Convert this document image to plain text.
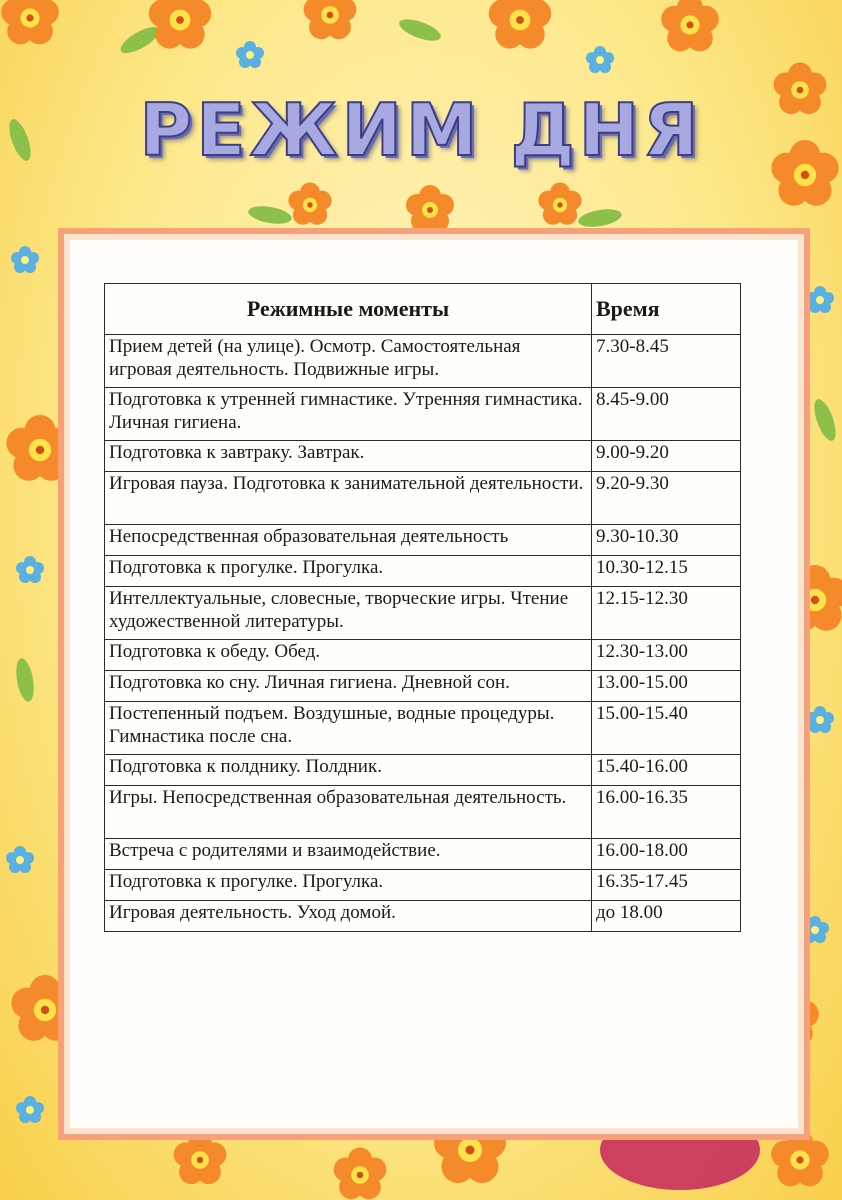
РЕЖИМ ДНЯ
Режимные моменты	Время
Прием детей (на улице). Осмотр. Самостоятельная игровая деятельность. Подвижные игры.	7.30-8.45
Подготовка к утренней гимнастике. Утренняя гимнастика. Личная гигиена.	8.45-9.00
Подготовка к завтраку. Завтрак.	9.00-9.20
Игровая пауза. Подготовка к занимательной деятельности.	9.20-9.30
Непосредственная образовательная деятельность	9.30-10.30
Подготовка к прогулке. Прогулка.	10.30-12.15
Интеллектуальные, словесные, творческие игры. Чтение художественной литературы.	12.15-12.30
Подготовка к обеду. Обед.	12.30-13.00
Подготовка ко сну. Личная гигиена. Дневной сон.	13.00-15.00
Постепенный подъем. Воздушные, водные процедуры. Гимнастика после сна.	15.00-15.40
Подготовка к полднику. Полдник.	15.40-16.00
Игры. Непосредственная образовательная деятельность.	16.00-16.35
Встреча с родителями и взаимодействие.	16.00-18.00
Подготовка к прогулке. Прогулка.	16.35-17.45
Игровая деятельность. Уход домой.	до 18.00
